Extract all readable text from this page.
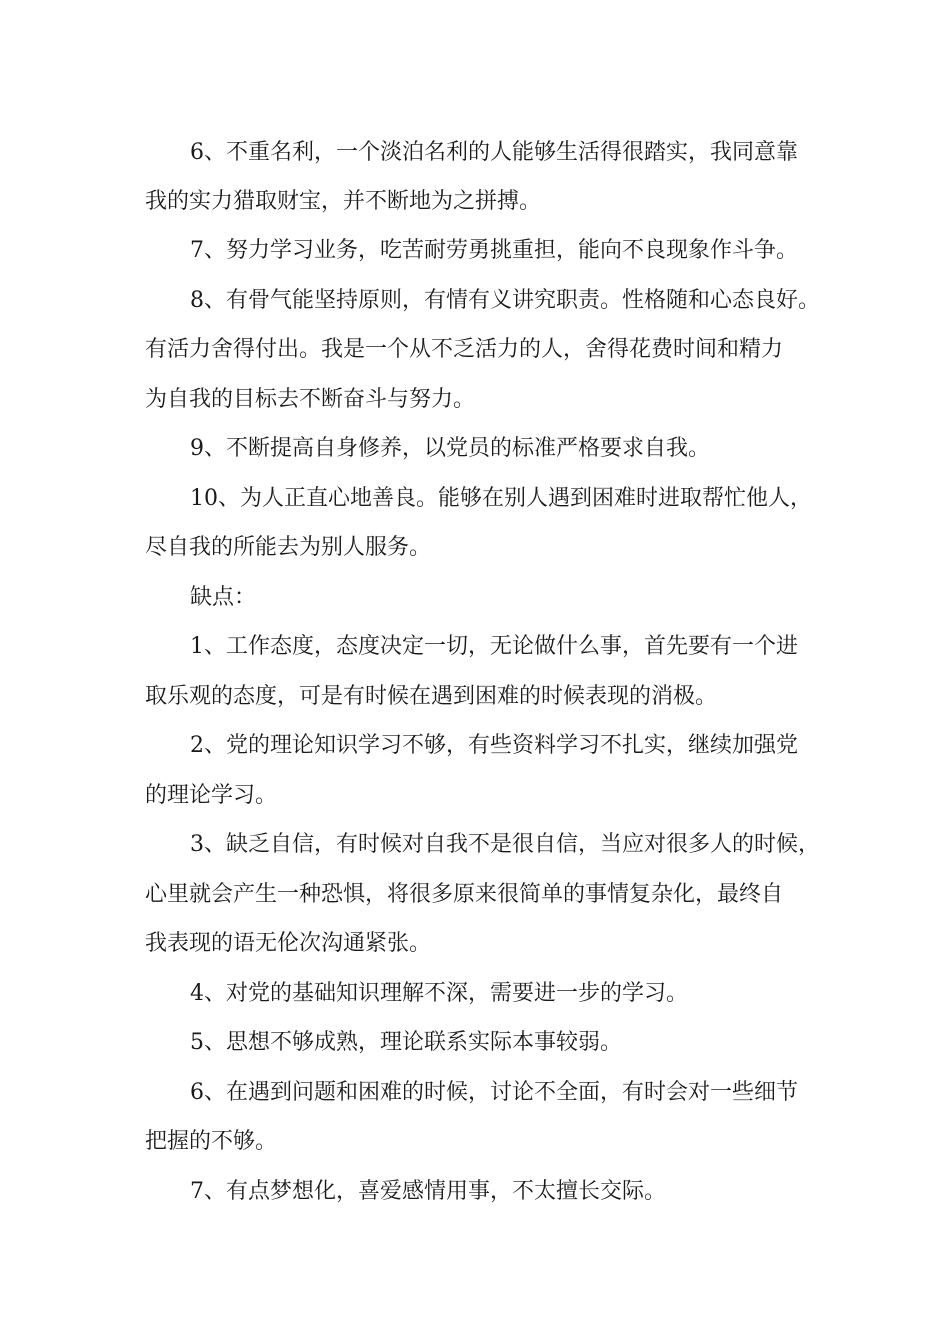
6、不重名利，一个淡泊名利的人能够生活得很踏实，我同意靠

我的实力猎取财宝，并不断地为之拼搏。

7、努力学习业务，吃苦耐劳勇挑重担，能向不良现象作斗争。

8、有骨气能坚持原则，有情有义讲究职责。性格随和心态良好。

有活力舍得付出。我是一个从不乏活力的人，舍得花费时间和精力

为自我的目标去不断奋斗与努力。

9、不断提高自身修养，以党员的标准严格要求自我。

10、为人正直心地善良。能够在别人遇到困难时进取帮忙他人，

尽自我的所能去为别人服务。

缺点：

1、工作态度，态度决定一切，无论做什么事，首先要有一个进

取乐观的态度，可是有时候在遇到困难的时候表现的消极。

2、党的理论知识学习不够，有些资料学习不扎实，继续加强党

的理论学习。

3、缺乏自信，有时候对自我不是很自信，当应对很多人的时候，

心里就会产生一种恐惧，将很多原来很简单的事情复杂化，最终自

我表现的语无伦次沟通紧张。

4、对党的基础知识理解不深，需要进一步的学习。

5、思想不够成熟，理论联系实际本事较弱。

6、在遇到问题和困难的时候，讨论不全面，有时会对一些细节

把握的不够。

7、有点梦想化，喜爱感情用事，不太擅长交际。
